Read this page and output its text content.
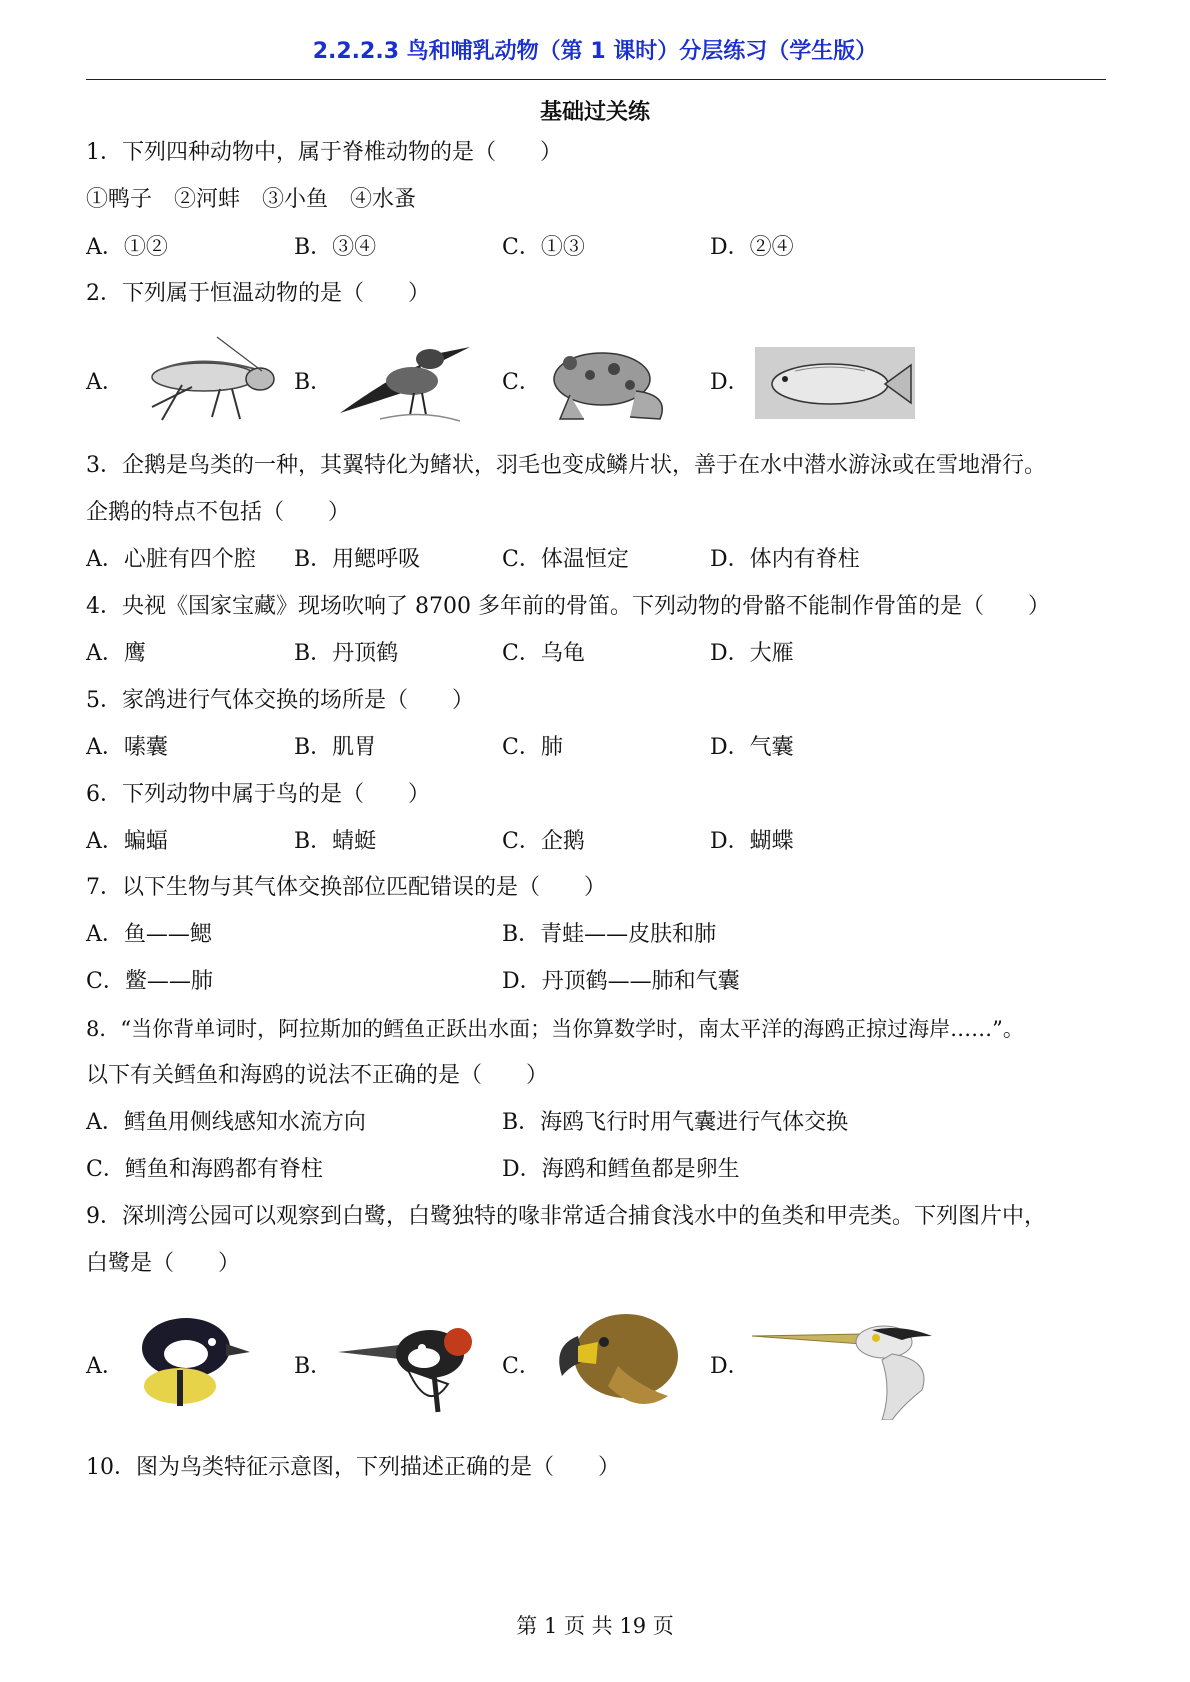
2.2.2.3 鸟和哺乳动物（第 1 课时）分层练习（学生版）
基础过关练
1．下列四种动物中，属于脊椎动物的是（　　）
①鸭子　②河蚌　③小鱼　④水蚤
A．①②	B．③④	C．①③	D．②④
2．下列属于恒温动物的是（　　）
A．	B．	C．	D．
3．企鹅是鸟类的一种，其翼特化为鳍状，羽毛也变成鳞片状，善于在水中潜水游泳或在雪地滑行。
企鹅的特点不包括（　　）
A．心脏有四个腔 B．用鳃呼吸	C．体温恒定	D．体内有脊柱
4．央视《国家宝藏》现场吹响了 8700 多年前的骨笛。下列动物的骨骼不能制作骨笛的是（　　）
A．鹰	B．丹顶鹤	C．乌龟	D．大雁
5．家鸽进行气体交换的场所是（　　）
A．嗉囊	B．肌胃	C．肺	D．气囊
6．下列动物中属于鸟的是（　　）
A．蝙蝠	B．蜻蜓	C．企鹅	D．蝴蝶
7．以下生物与其气体交换部位匹配错误的是（　　）
A．鱼——鳃	B．青蛙——皮肤和肺
C．鳖——肺	D．丹顶鹤——肺和气囊
8．“当你背单词时，阿拉斯加的鳕鱼正跃出水面；当你算数学时，南太平洋的海鸥正掠过海岸……”。
以下有关鳕鱼和海鸥的说法不正确的是（　　）
A．鳕鱼用侧线感知水流方向	B．海鸥飞行时用气囊进行气体交换
C．鳕鱼和海鸥都有脊柱	D．海鸥和鳕鱼都是卵生
9．深圳湾公园可以观察到白鹭，白鹭独特的喙非常适合捕食浅水中的鱼类和甲壳类。下列图片中，
白鹭是（　　）
A．	B．	C．	D．
10．图为鸟类特征示意图，下列描述正确的是（　　）
第 1 页 共 19 页
